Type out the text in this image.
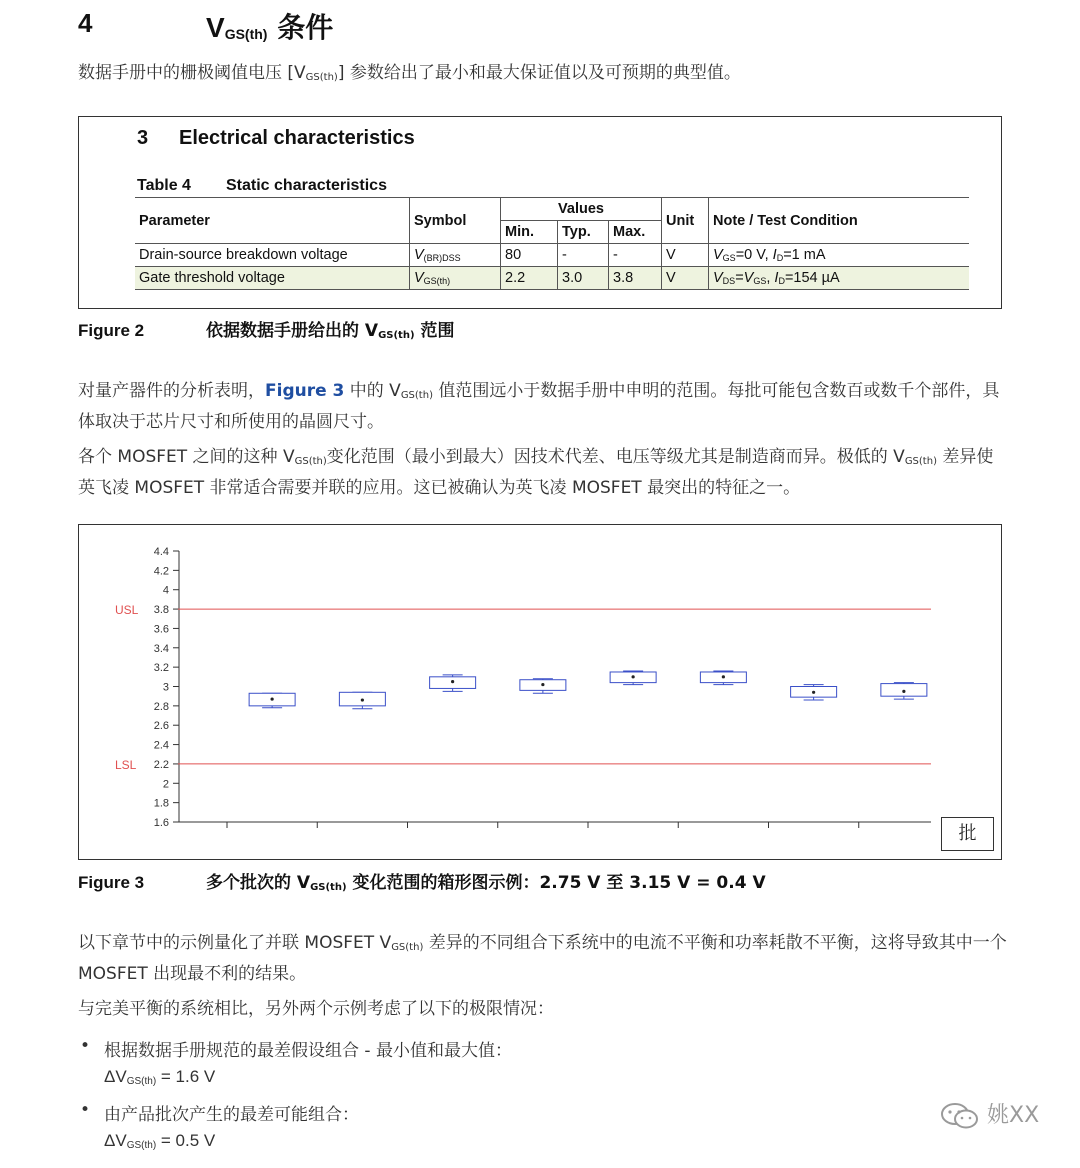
4	$V_{GS(th)}$ 条件
数据手册中的栅极阈值电压 $[V_{GS(th)}]$ 参数给出了最小和最大保证值以及可预期的典型值。
3 Electrical characteristics
Table 4 Static characteristics
Parameter	Symbol	Values			Unit	Note / Test Condition
		Min.	Typ.	Max.		
Drain-source breakdown voltage	$V_{(BR)DSS}$	80	-	-	V	$V_{GS}=0$ V, $I_D=1$ mA
Gate threshold voltage	$V_{GS(th)}$	2.2	3.0	3.8	V	$V_{DS}=V_{GS}$, $I_D=154$ µA
Figure 2	依据数据手册给出的 $V_{GS(th)}$ 范围
对量产器件的分析表明，Figure 3 中的 $V_{GS(th)}$ 值范围远小于数据手册中申明的范围。每批可能包含数百或数千个部件，具体取决于芯片尺寸和所使用的晶圆尺寸。
各个 MOSFET 之间的这种 $V_{GS(th)}$变化范围（最小到最大）因技术代差、电压等级尤其是制造商而异。极低的 $V_{GS(th)}$ 差异使英飞凌 MOSFET 非常适合需要并联的应用。这已被确认为英飞凌 MOSFET 最突出的特征之一。
4.4
4.2
4
3.8
3.6
3.4
3.2
3
2.8
2.6
2.4
2.2
2
1.8
1.6
USL
LSL
批
Figure 3	多个批次的 $V_{GS(th)}$ 变化范围的箱形图示例：2.75 V 至 3.15 V = 0.4 V
以下章节中的示例量化了并联 MOSFET $V_{GS(th)}$ 差异的不同组合下系统中的电流不平衡和功率耗散不平衡，这将导致其中一个 MOSFET 出现最不利的结果。
与完美平衡的系统相比，另外两个示例考虑了以下的极限情况：
• 根据数据手册规范的最差假设组合 - 最小值和最大值：
$\Delta V_{GS(th)} = 1.6$ V
• 由产品批次产生的最差可能组合：
$\Delta V_{GS(th)} = 0.5$ V
姚XX
